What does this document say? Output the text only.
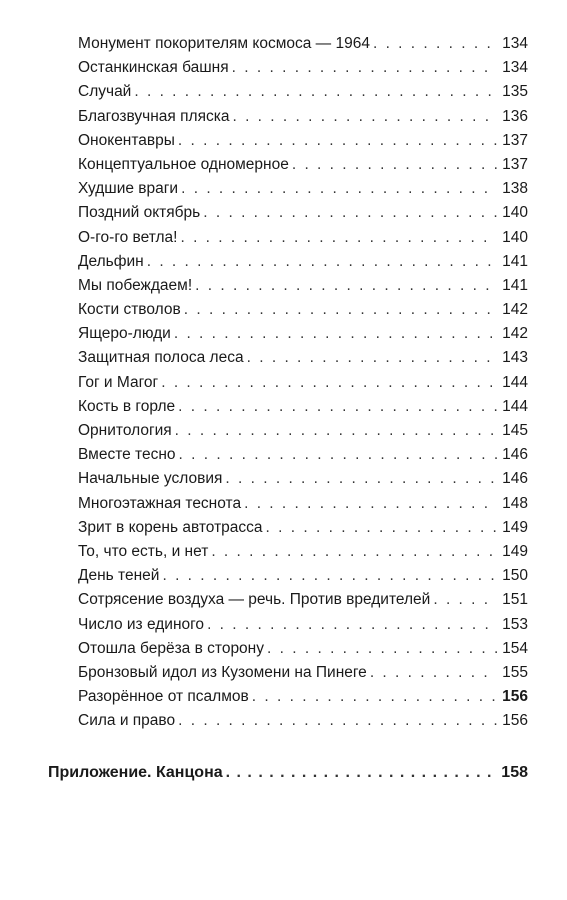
Монумент покорителям космоса — 1964 . . .	134
Останкинская башня . . .	134
Случай . . .	135
Благозвучная пляска . . .	136
Онокентавры . . .	137
Концептуальное одномерное . . .	137
Худшие враги . . .	138
Поздний октябрь . . .	140
О-го-го ветла! . . .	140
Дельфин . . .	141
Мы побеждаем! . . .	141
Кости стволов . . .	142
Ящеро-люди . . .	142
Защитная полоса леса . . .	143
Гог и Магог . . .	144
Кость в горле . . .	144
Орнитология . . .	145
Вместе тесно . . .	146
Начальные условия . . .	146
Многоэтажная теснота . . .	148
Зрит в корень автотрасса . . .	149
То, что есть, и нет . . .	149
День теней . . .	150
Сотрясение воздуха — речь. Против вредителей . . .	151
Число из единого . . .	153
Отошла берёза в сторону . . .	154
Бронзовый идол из Кузомени на Пинеге . . .	155
Разорённое от псалмов . . .	156
Сила и право . . .	156
Приложение. Канцона . . .	158
